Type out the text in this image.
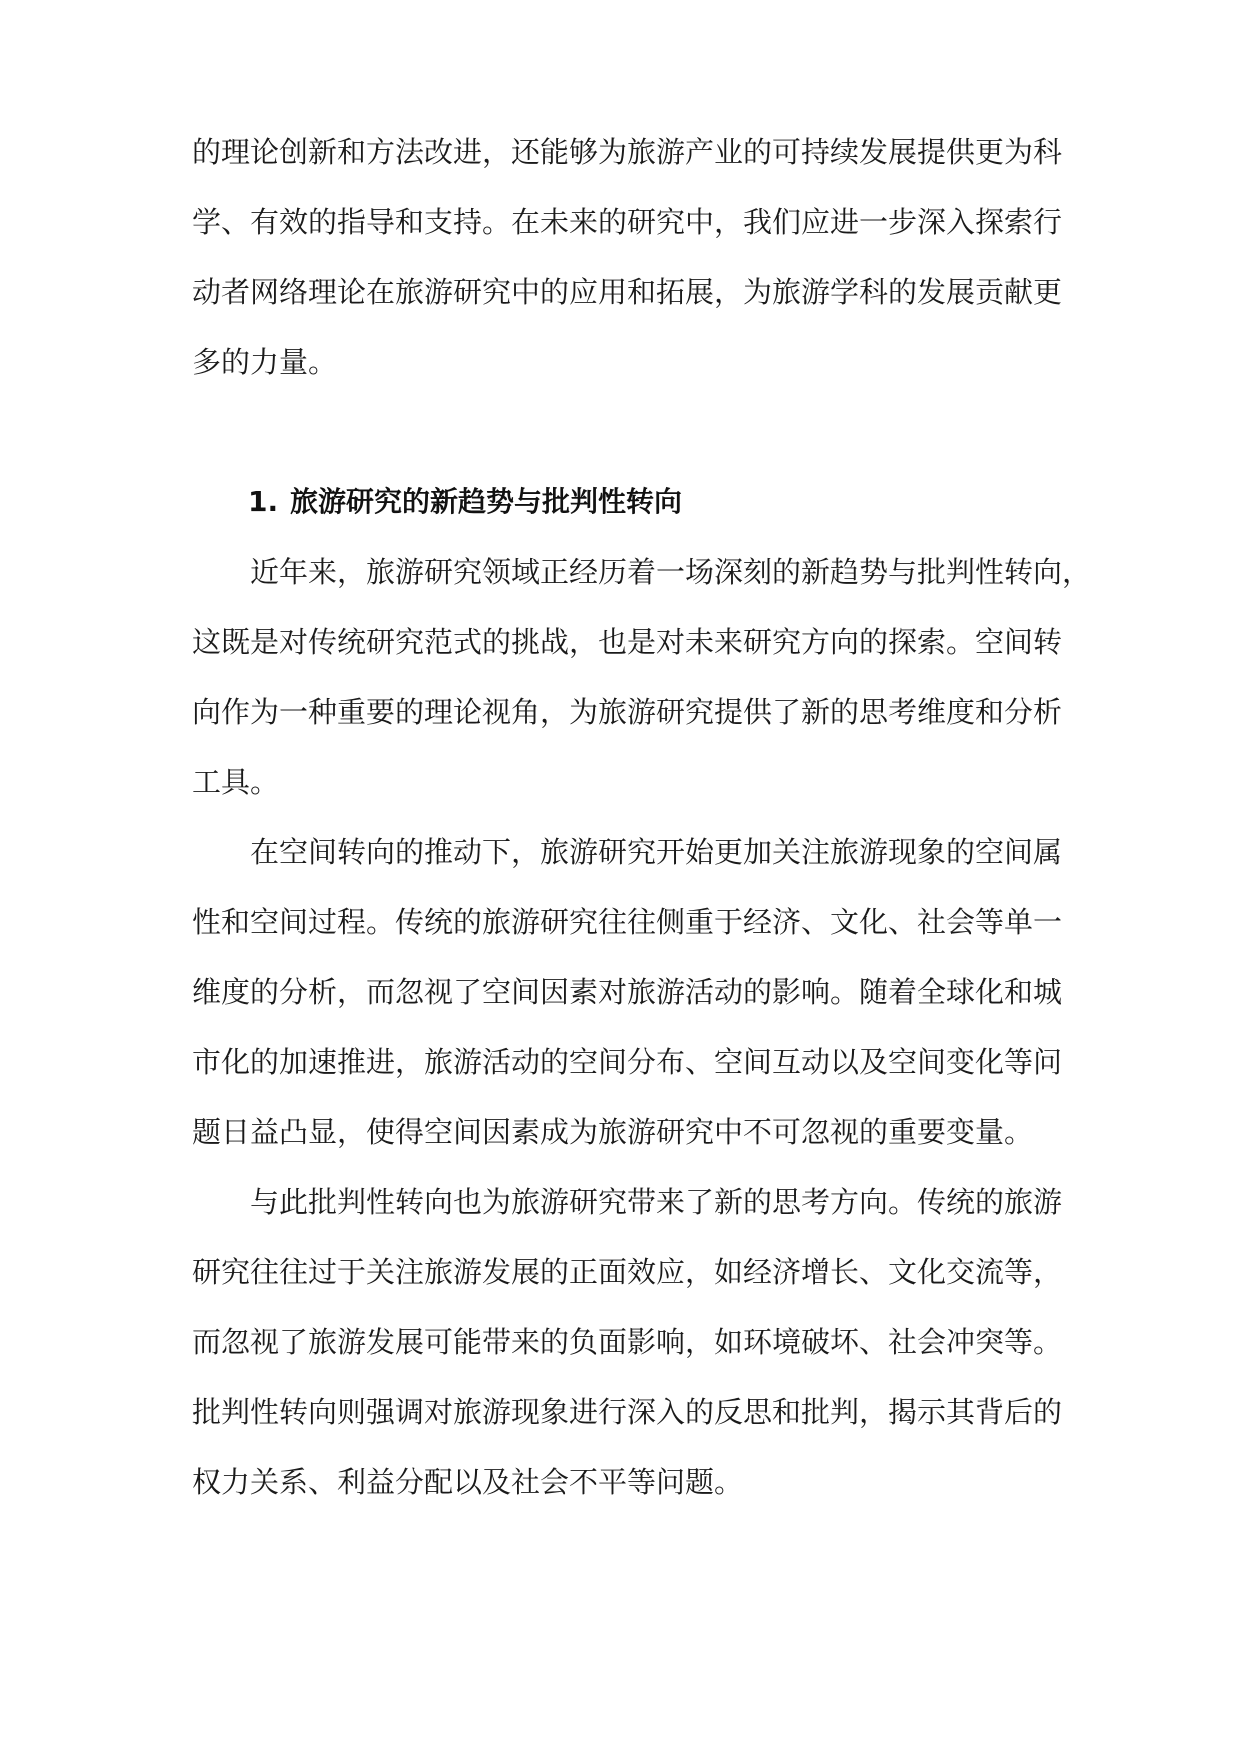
的理论创新和方法改进，还能够为旅游产业的可持续发展提供更为科

学、有效的指导和支持。在未来的研究中，我们应进一步深入探索行

动者网络理论在旅游研究中的应用和拓展，为旅游学科的发展贡献更

多的力量。

1. 旅游研究的新趋势与批判性转向

近年来，旅游研究领域正经历着一场深刻的新趋势与批判性转向，

这既是对传统研究范式的挑战，也是对未来研究方向的探索。空间转

向作为一种重要的理论视角，为旅游研究提供了新的思考维度和分析

工具。

在空间转向的推动下，旅游研究开始更加关注旅游现象的空间属

性和空间过程。传统的旅游研究往往侧重于经济、文化、社会等单一

维度的分析，而忽视了空间因素对旅游活动的影响。随着全球化和城

市化的加速推进，旅游活动的空间分布、空间互动以及空间变化等问

题日益凸显，使得空间因素成为旅游研究中不可忽视的重要变量。

与此批判性转向也为旅游研究带来了新的思考方向。传统的旅游

研究往往过于关注旅游发展的正面效应，如经济增长、文化交流等，

而忽视了旅游发展可能带来的负面影响，如环境破坏、社会冲突等。

批判性转向则强调对旅游现象进行深入的反思和批判，揭示其背后的

权力关系、利益分配以及社会不平等问题。
